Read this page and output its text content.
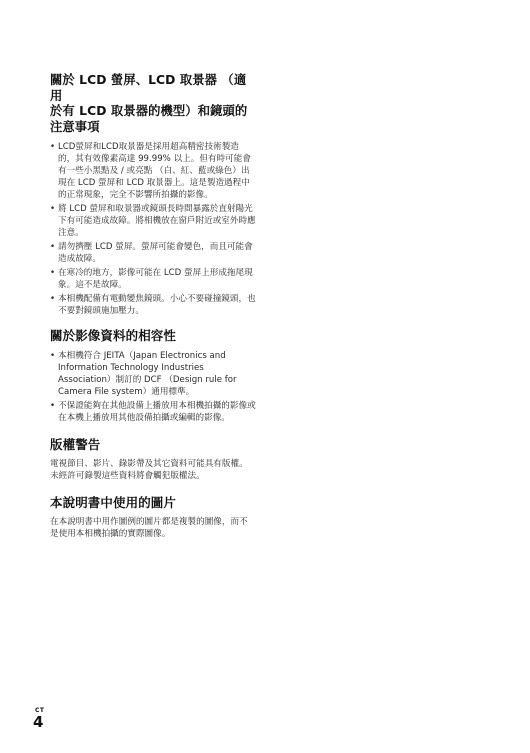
關於 LCD 螢屏、LCD 取景器 （適用
於有 LCD 取景器的機型）和鏡頭的
注意事項
• LCD螢屏和LCD取景器是採用超高精密技術製造的，其有效像素高達 99.99% 以上。但有時可能會有一些小黑點及 / 或亮點 （白、紅、藍或綠色）出現在 LCD 螢屏和 LCD 取景器上。這是製造過程中的正常現象，完全不影響所拍攝的影像。
• 將 LCD 螢屏和取景器或鏡頭長時間暴露於直射陽光下有可能造成故障。將相機放在窗戶附近或室外時應注意。
• 請勿擠壓 LCD 螢屏。螢屏可能會變色，而且可能會造成故障。
• 在寒冷的地方，影像可能在 LCD 螢屏上形成拖尾現象。這不是故障。
• 本相機配備有電動變焦鏡頭。小心不要碰撞鏡頭，也不要對鏡頭施加壓力。
關於影像資料的相容性
• 本相機符合 JEITA（Japan Electronics and Information Technology Industries Association）制訂的 DCF （Design rule for Camera File system）通用標準。
• 不保證能夠在其他設備上播放用本相機拍攝的影像或在本機上播放用其他設備拍攝或編輯的影像。
版權警告

電視節目、影片、錄影帶及其它資料可能具有版權。未經許可錄製這些資料將會觸犯版權法。

本說明書中使用的圖片

在本說明書中用作圖例的圖片都是複製的圖像，而不是使用本相機拍攝的實際圖像。

CT
4
